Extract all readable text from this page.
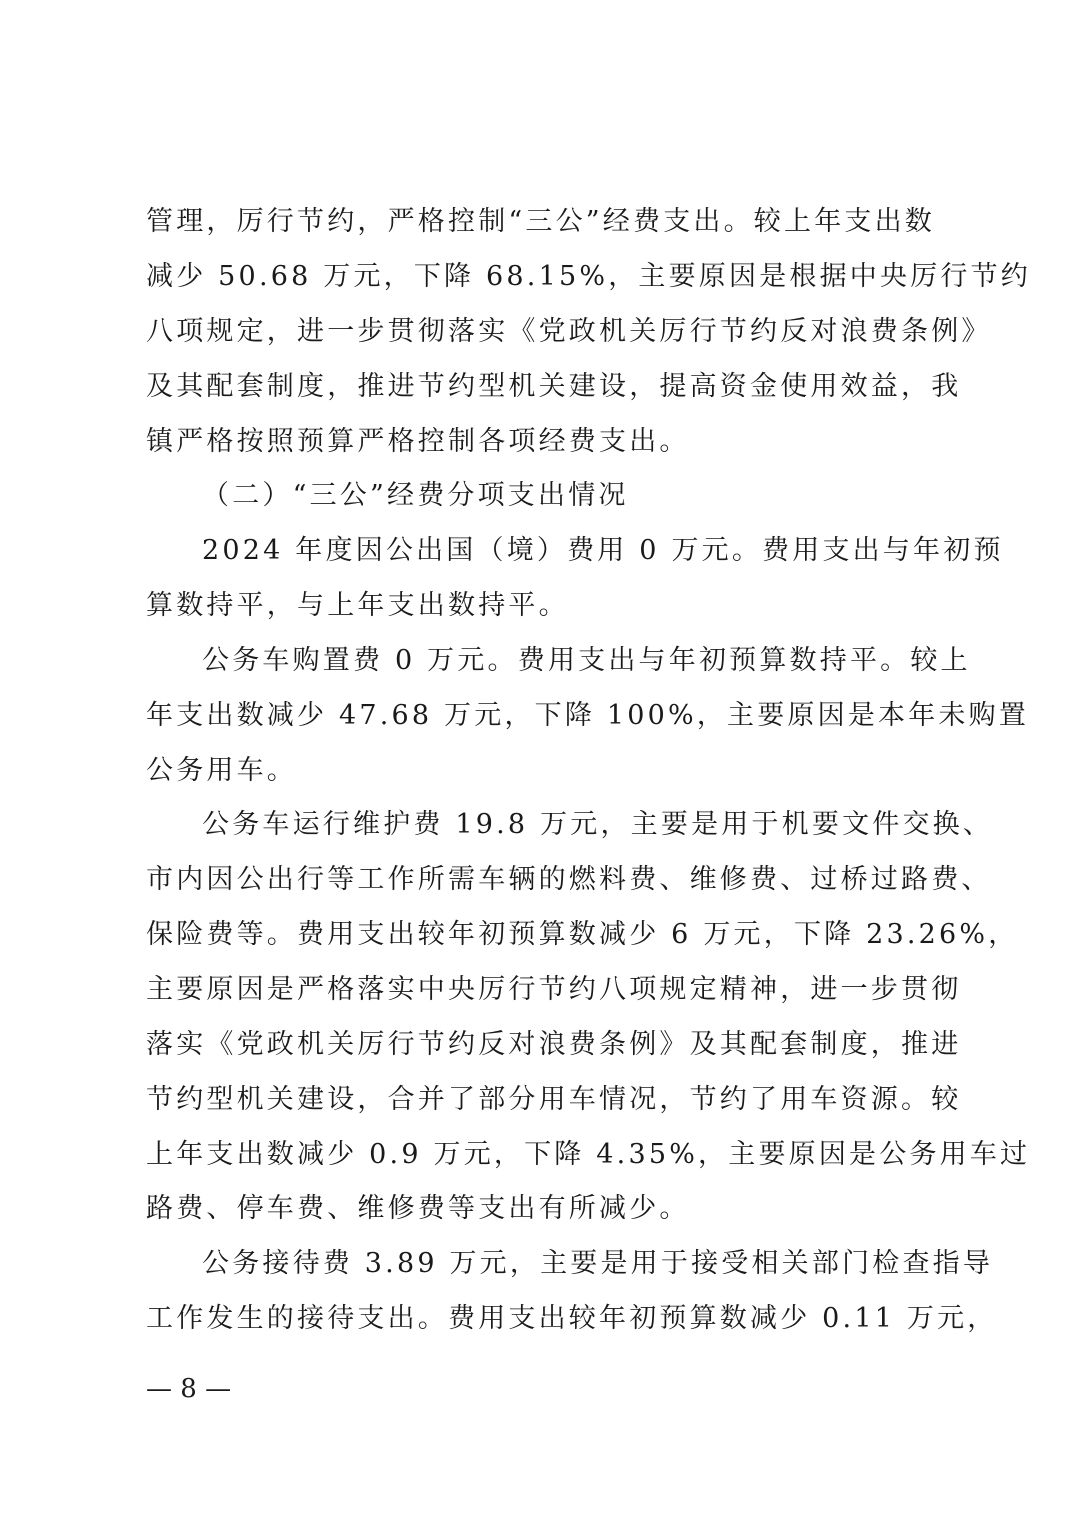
管理，厉行节约，严格控制“三公”经费支出。较上年支出数
减少 50.68 万元，下降 68.15%，主要原因是根据中央厉行节约
八项规定，进一步贯彻落实《党政机关厉行节约反对浪费条例》
及其配套制度，推进节约型机关建设，提高资金使用效益，我
镇严格按照预算严格控制各项经费支出。
（二）“三公”经费分项支出情况
2024 年度因公出国（境）费用 0 万元。费用支出与年初预
算数持平，与上年支出数持平。
公务车购置费 0 万元。费用支出与年初预算数持平。较上
年支出数减少 47.68 万元，下降 100%，主要原因是本年未购置
公务用车。
公务车运行维护费 19.8 万元，主要是用于机要文件交换、
市内因公出行等工作所需车辆的燃料费、维修费、过桥过路费、
保险费等。费用支出较年初预算数减少 6 万元，下降 23.26%，
主要原因是严格落实中央厉行节约八项规定精神，进一步贯彻
落实《党政机关厉行节约反对浪费条例》及其配套制度，推进
节约型机关建设，合并了部分用车情况，节约了用车资源。较
上年支出数减少 0.9 万元，下降 4.35%，主要原因是公务用车过
路费、停车费、维修费等支出有所减少。
公务接待费 3.89 万元，主要是用于接受相关部门检查指导
工作发生的接待支出。费用支出较年初预算数减少 0.11 万元，
— 8 —
